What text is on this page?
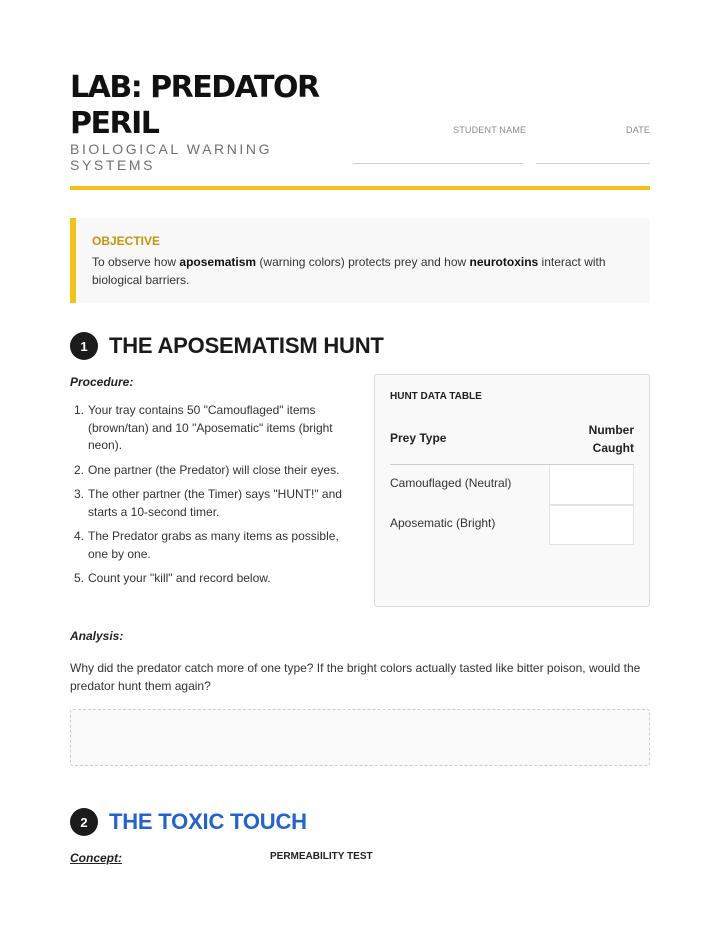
LAB: PREDATOR PERIL
BIOLOGICAL WARNING SYSTEMS
STUDENT NAME	DATE
OBJECTIVE
To observe how aposematism (warning colors) protects prey and how neurotoxins interact with biological barriers.
1 THE APOSEMATISM HUNT
Procedure:
1. Your tray contains 50 "Camouflaged" items (brown/tan) and 10 "Aposematic" items (bright neon).
2. One partner (the Predator) will close their eyes.
3. The other partner (the Timer) says "HUNT!" and starts a 10-second timer.
4. The Predator grabs as many items as possible, one by one.
5. Count your "kill" and record below.
HUNT DATA TABLE
Prey Type
Number Caught
Camouflaged (Neutral)
Aposematic (Bright)
Analysis:
Why did the predator catch more of one type? If the bright colors actually tasted like bitter poison, would the predator hunt them again?
2 THE TOXIC TOUCH
Concept:	PERMEABILITY TEST
